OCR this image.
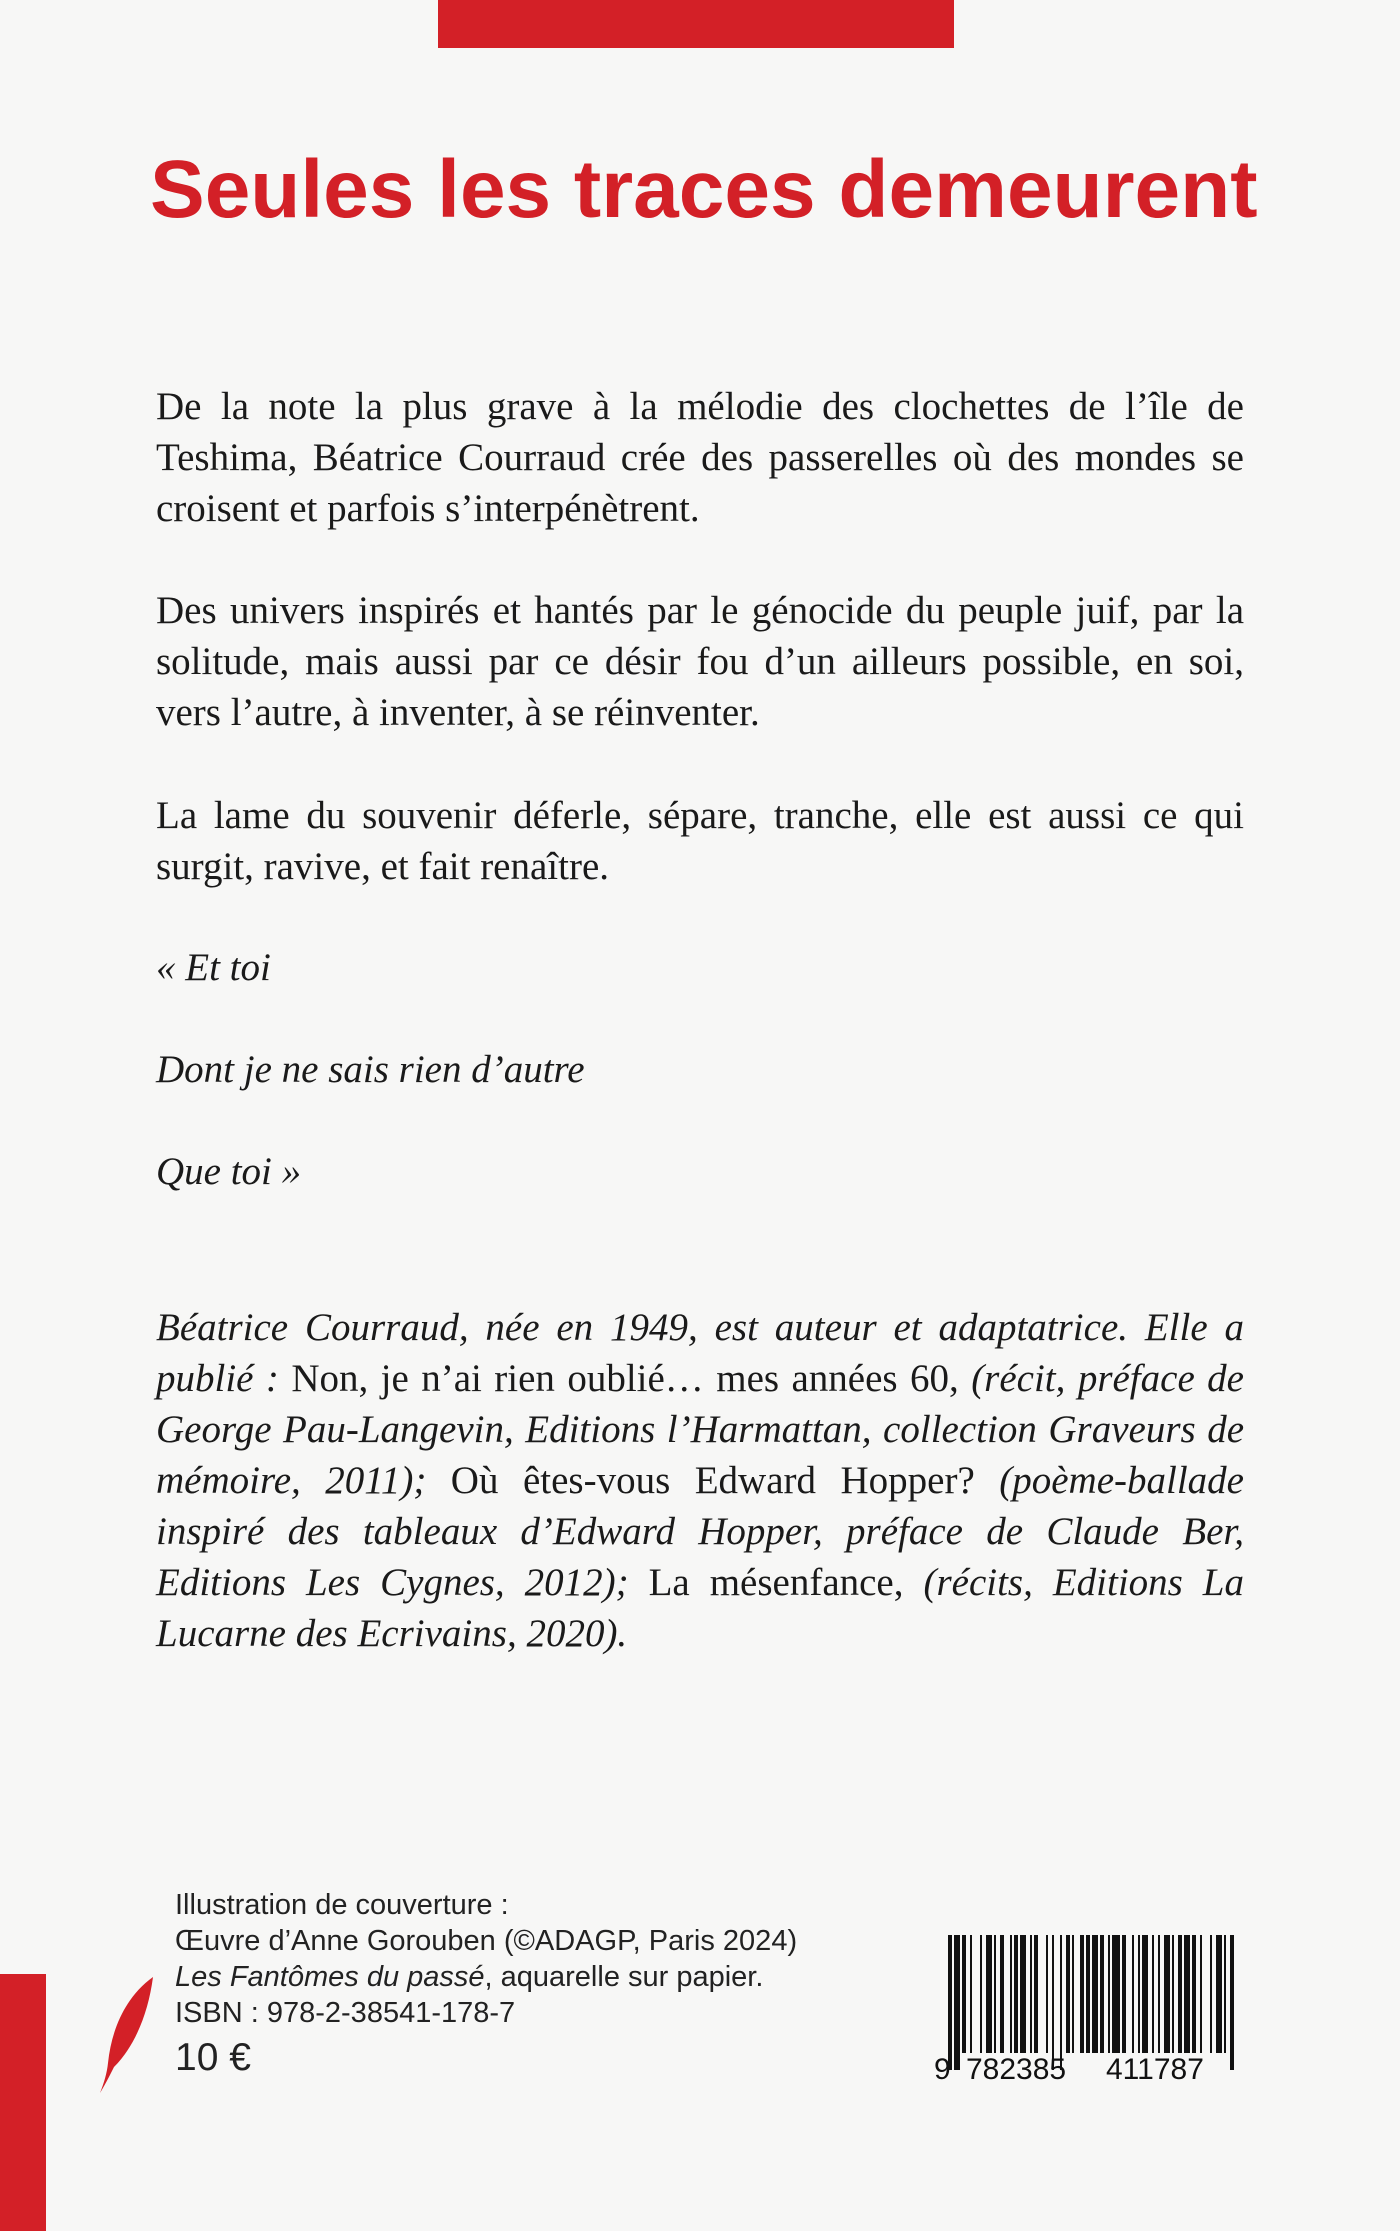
Seules les traces demeurent

De la note la plus grave à la mélodie des clochettes de l’île de Teshima, Béatrice Courraud crée des passerelles où des mondes se croisent et parfois s’interpénètrent.

Des univers inspirés et hantés par le génocide du peuple juif, par la solitude, mais aussi par ce désir fou d’un ailleurs possible, en soi, vers l’autre, à inventer, à se réinventer.

La lame du souvenir déferle, sépare, tranche, elle est aussi ce qui surgit, ravive, et fait renaître.

« Et toi

Dont je ne sais rien d’autre

Que toi »

Béatrice Courraud, née en 1949, est auteur et adaptatrice. Elle a publié : Non, je n’ai rien oublié… mes années 60, (récit, préface de George Pau-Langevin, Editions l’Harmattan, collection Graveurs de mémoire, 2011); Où êtes-vous Edward Hopper? (poème-ballade inspiré des tableaux d’Edward Hopper, préface de Claude Ber, Editions Les Cygnes, 2012); La mésenfance, (récits, Editions La Lucarne des Ecrivains, 2020).

Illustration de couverture :
Œuvre d’Anne Gorouben (©ADAGP, Paris 2024)
Les Fantômes du passé, aquarelle sur papier.
ISBN : 978-2-38541-178-7
10 €	9 782385 411787
